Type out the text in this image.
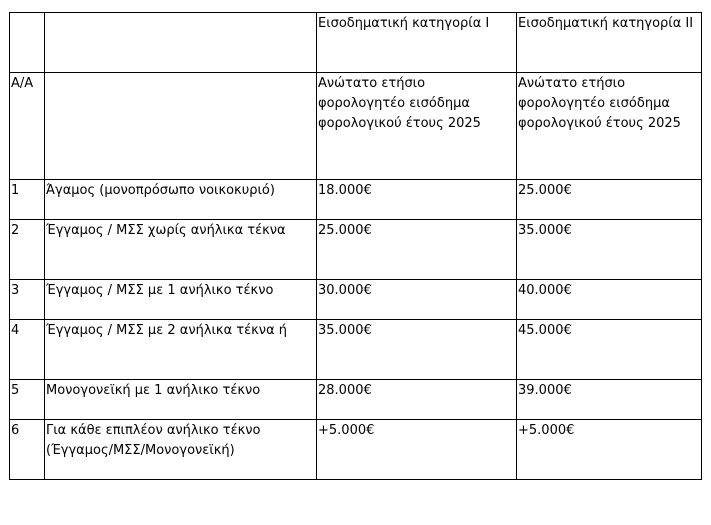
		Εισοδηματική κατηγορία Ι	Εισοδηματική κατηγορία ΙΙ
Α/Α		Ανώτατο ετήσιο φορολογητέο εισόδημα φορολογικού έτους 2025	Ανώτατο ετήσιο φορολογητέο εισόδημα φορολογικού έτους 2025
1	Άγαμος (μονοπρόσωπο νοικοκυριό)	18.000€	25.000€
2	Έγγαμος / ΜΣΣ χωρίς ανήλικα τέκνα	25.000€	35.000€
3	Έγγαμος / ΜΣΣ με 1 ανήλικο τέκνο	30.000€	40.000€
4	Έγγαμος / ΜΣΣ με 2 ανήλικα τέκνα ή	35.000€	45.000€
5	Μονογονεϊκή με 1 ανήλικο τέκνο	28.000€	39.000€
6	Για κάθε επιπλέον ανήλικο τέκνο (Έγγαμος/ΜΣΣ/Μονογονεϊκή)	+5.000€	+5.000€
